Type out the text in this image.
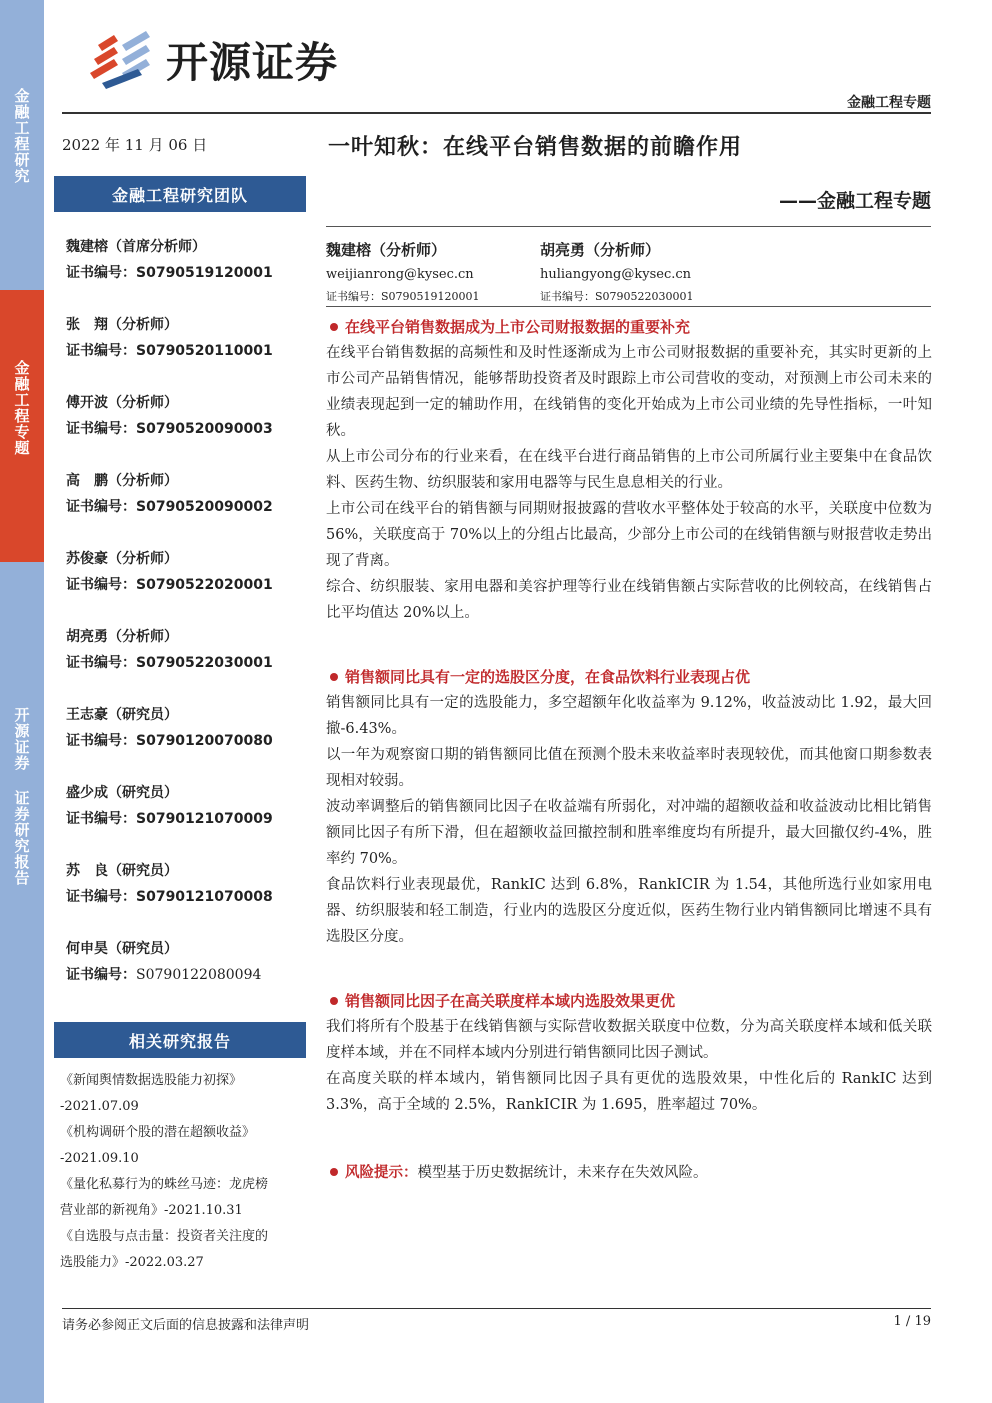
金融工程研究
金融工程专题
开源证券 证券研究报告
开源证券
金融工程专题
2022 年 11 月 06 日
金融工程研究团队
魏建榕（首席分析师）
证书编号：S0790519120001
张　翔（分析师）
证书编号：S0790520110001
傅开波（分析师）
证书编号：S0790520090003
高　鹏（分析师）
证书编号：S0790520090002
苏俊豪（分析师）
证书编号：S0790522020001
胡亮勇（分析师）
证书编号：S0790522030001
王志豪（研究员）
证书编号：S0790120070080
盛少成（研究员）
证书编号：S0790121070009
苏　良（研究员）
证书编号：S0790121070008
何申昊（研究员）
证书编号：S0790122080094
相关研究报告
《新闻舆情数据选股能力初探》
-2021.07.09
《机构调研个股的潜在超额收益》
-2021.09.10
《量化私募行为的蛛丝马迹：龙虎榜
营业部的新视角》-2021.10.31
《自选股与点击量：投资者关注度的
选股能力》-2022.03.27
一叶知秋：在线平台销售数据的前瞻作用
——金融工程专题
魏建榕（分析师）
weijianrong@kysec.cn
证书编号：S0790519120001
胡亮勇（分析师）
huliangyong@kysec.cn
证书编号：S0790522030001
在线平台销售数据成为上市公司财报数据的重要补充
在线平台销售数据的高频性和及时性逐渐成为上市公司财报数据的重要补充，其实时更新的上市公司产品销售情况，能够帮助投资者及时跟踪上市公司营收的变动，对预测上市公司未来的业绩表现起到一定的辅助作用，在线销售的变化开始成为上市公司业绩的先导性指标，一叶知秋。
从上市公司分布的行业来看，在在线平台进行商品销售的上市公司所属行业主要集中在食品饮料、医药生物、纺织服装和家用电器等与民生息息相关的行业。
上市公司在线平台的销售额与同期财报披露的营收水平整体处于较高的水平，关联度中位数为 56%，关联度高于 70%以上的分组占比最高，少部分上市公司的在线销售额与财报营收走势出现了背离。
综合、纺织服装、家用电器和美容护理等行业在线销售额占实际营收的比例较高，在线销售占比平均值达 20%以上。
销售额同比具有一定的选股区分度，在食品饮料行业表现占优
销售额同比具有一定的选股能力，多空超额年化收益率为 9.12%，收益波动比 1.92，最大回撤-6.43%。
以一年为观察窗口期的销售额同比值在预测个股未来收益率时表现较优，而其他窗口期参数表现相对较弱。
波动率调整后的销售额同比因子在收益端有所弱化，对冲端的超额收益和收益波动比相比销售额同比因子有所下滑，但在超额收益回撤控制和胜率维度均有所提升，最大回撤仅约-4%，胜率约 70%。
食品饮料行业表现最优，RankIC 达到 6.8%，RankICIR 为 1.54，其他所选行业如家用电器、纺织服装和轻工制造，行业内的选股区分度近似，医药生物行业内销售额同比增速不具有选股区分度。
销售额同比因子在高关联度样本域内选股效果更优
我们将所有个股基于在线销售额与实际营收数据关联度中位数，分为高关联度样本域和低关联度样本域，并在不同样本域内分别进行销售额同比因子测试。
在高度关联的样本域内，销售额同比因子具有更优的选股效果，中性化后的 RankIC 达到 3.3%，高于全域的 2.5%，RankICIR 为 1.695，胜率超过 70%。
风险提示：模型基于历史数据统计，未来存在失效风险。
请务必参阅正文后面的信息披露和法律声明	1 / 19
